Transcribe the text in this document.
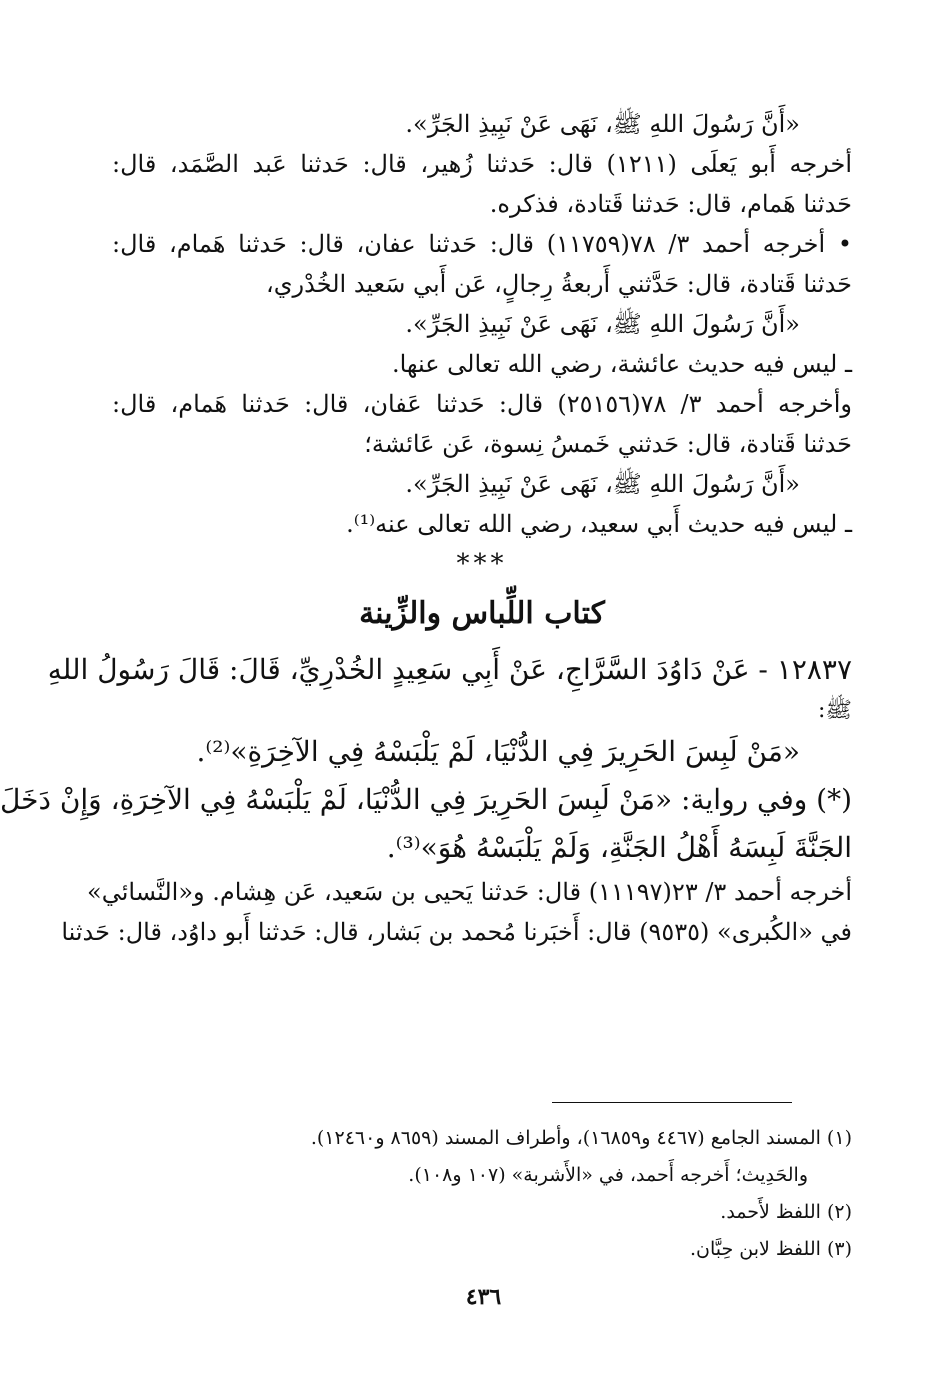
«أَنَّ رَسُولَ اللهِ ﷺ، نَهَى عَنْ نَبِيذِ الجَرِّ».
أخرجه أَبو يَعلَى (١٢١١) قال: حَدثنا زُهير، قال: حَدثنا عَبد الصَّمَد، قال:
حَدثنا هَمام، قال: حَدثنا قَتادة، فذكره.
• أخرجه أحمد ٣/ ٧٨(١١٧٥٩) قال: حَدثنا عفان، قال: حَدثنا هَمام، قال:
حَدثنا قَتادة، قال: حَدَّثني أَربعةُ رِجالٍ، عَن أَبي سَعيد الخُدْري،
«أَنَّ رَسُولَ اللهِ ﷺ، نَهَى عَنْ نَبِيذِ الجَرِّ».
ـ ليس فيه حديث عائشة، رضي الله تعالى عنها.
وأخرجه أحمد ٣/ ٧٨(٢٥١٥٦) قال: حَدثنا عَفان، قال: حَدثنا هَمام، قال:
حَدثنا قَتادة، قال: حَدثني خَمسُ نِسوة، عَن عَائشة؛
«أَنَّ رَسُولَ اللهِ ﷺ، نَهَى عَنْ نَبِيذِ الجَرِّ».
ـ ليس فيه حديث أَبي سعيد، رضي الله تعالى عنه⁽¹⁾.
***
كتاب اللِّباس والزِّينة
١٢٨٣٧ - عَنْ دَاوُدَ السَّرَّاجِ، عَنْ أَبِي سَعِيدٍ الخُدْرِيِّ، قَالَ: قَالَ رَسُولُ اللهِ
ﷺ:
«مَنْ لَبِسَ الحَرِيرَ فِي الدُّنْيَا، لَمْ يَلْبَسْهُ فِي الآخِرَةِ»⁽²⁾.
(*) وفي رواية: «مَنْ لَبِسَ الحَرِيرَ فِي الدُّنْيَا، لَمْ يَلْبَسْهُ فِي الآخِرَةِ، وَإِنْ دَخَلَ
الجَنَّةَ لَبِسَهُ أَهْلُ الجَنَّةِ، وَلَمْ يَلْبَسْهُ هُوَ»⁽³⁾.
أخرجه أحمد ٣/ ٢٣(١١١٩٧) قال: حَدثنا يَحيى بن سَعيد، عَن هِشام. و«النَّسائي»
في «الكُبرى» (٩٥٣٥) قال: أَخبَرنا مُحمد بن بَشار، قال: حَدثنا أَبو داوُد، قال: حَدثنا
(١) المسند الجامع (٤٤٦٧ و١٦٨٥٩)، وأطراف المسند (٨٦٥٩ و١٢٤٦٠).
والحَدِيث؛ أَخرجه أَحمد، في «الأَشربة» (١٠٧ و١٠٨).
(٢) اللفظ لأَحمد.
(٣) اللفظ لابن حِبَّان.
٤٣٦
